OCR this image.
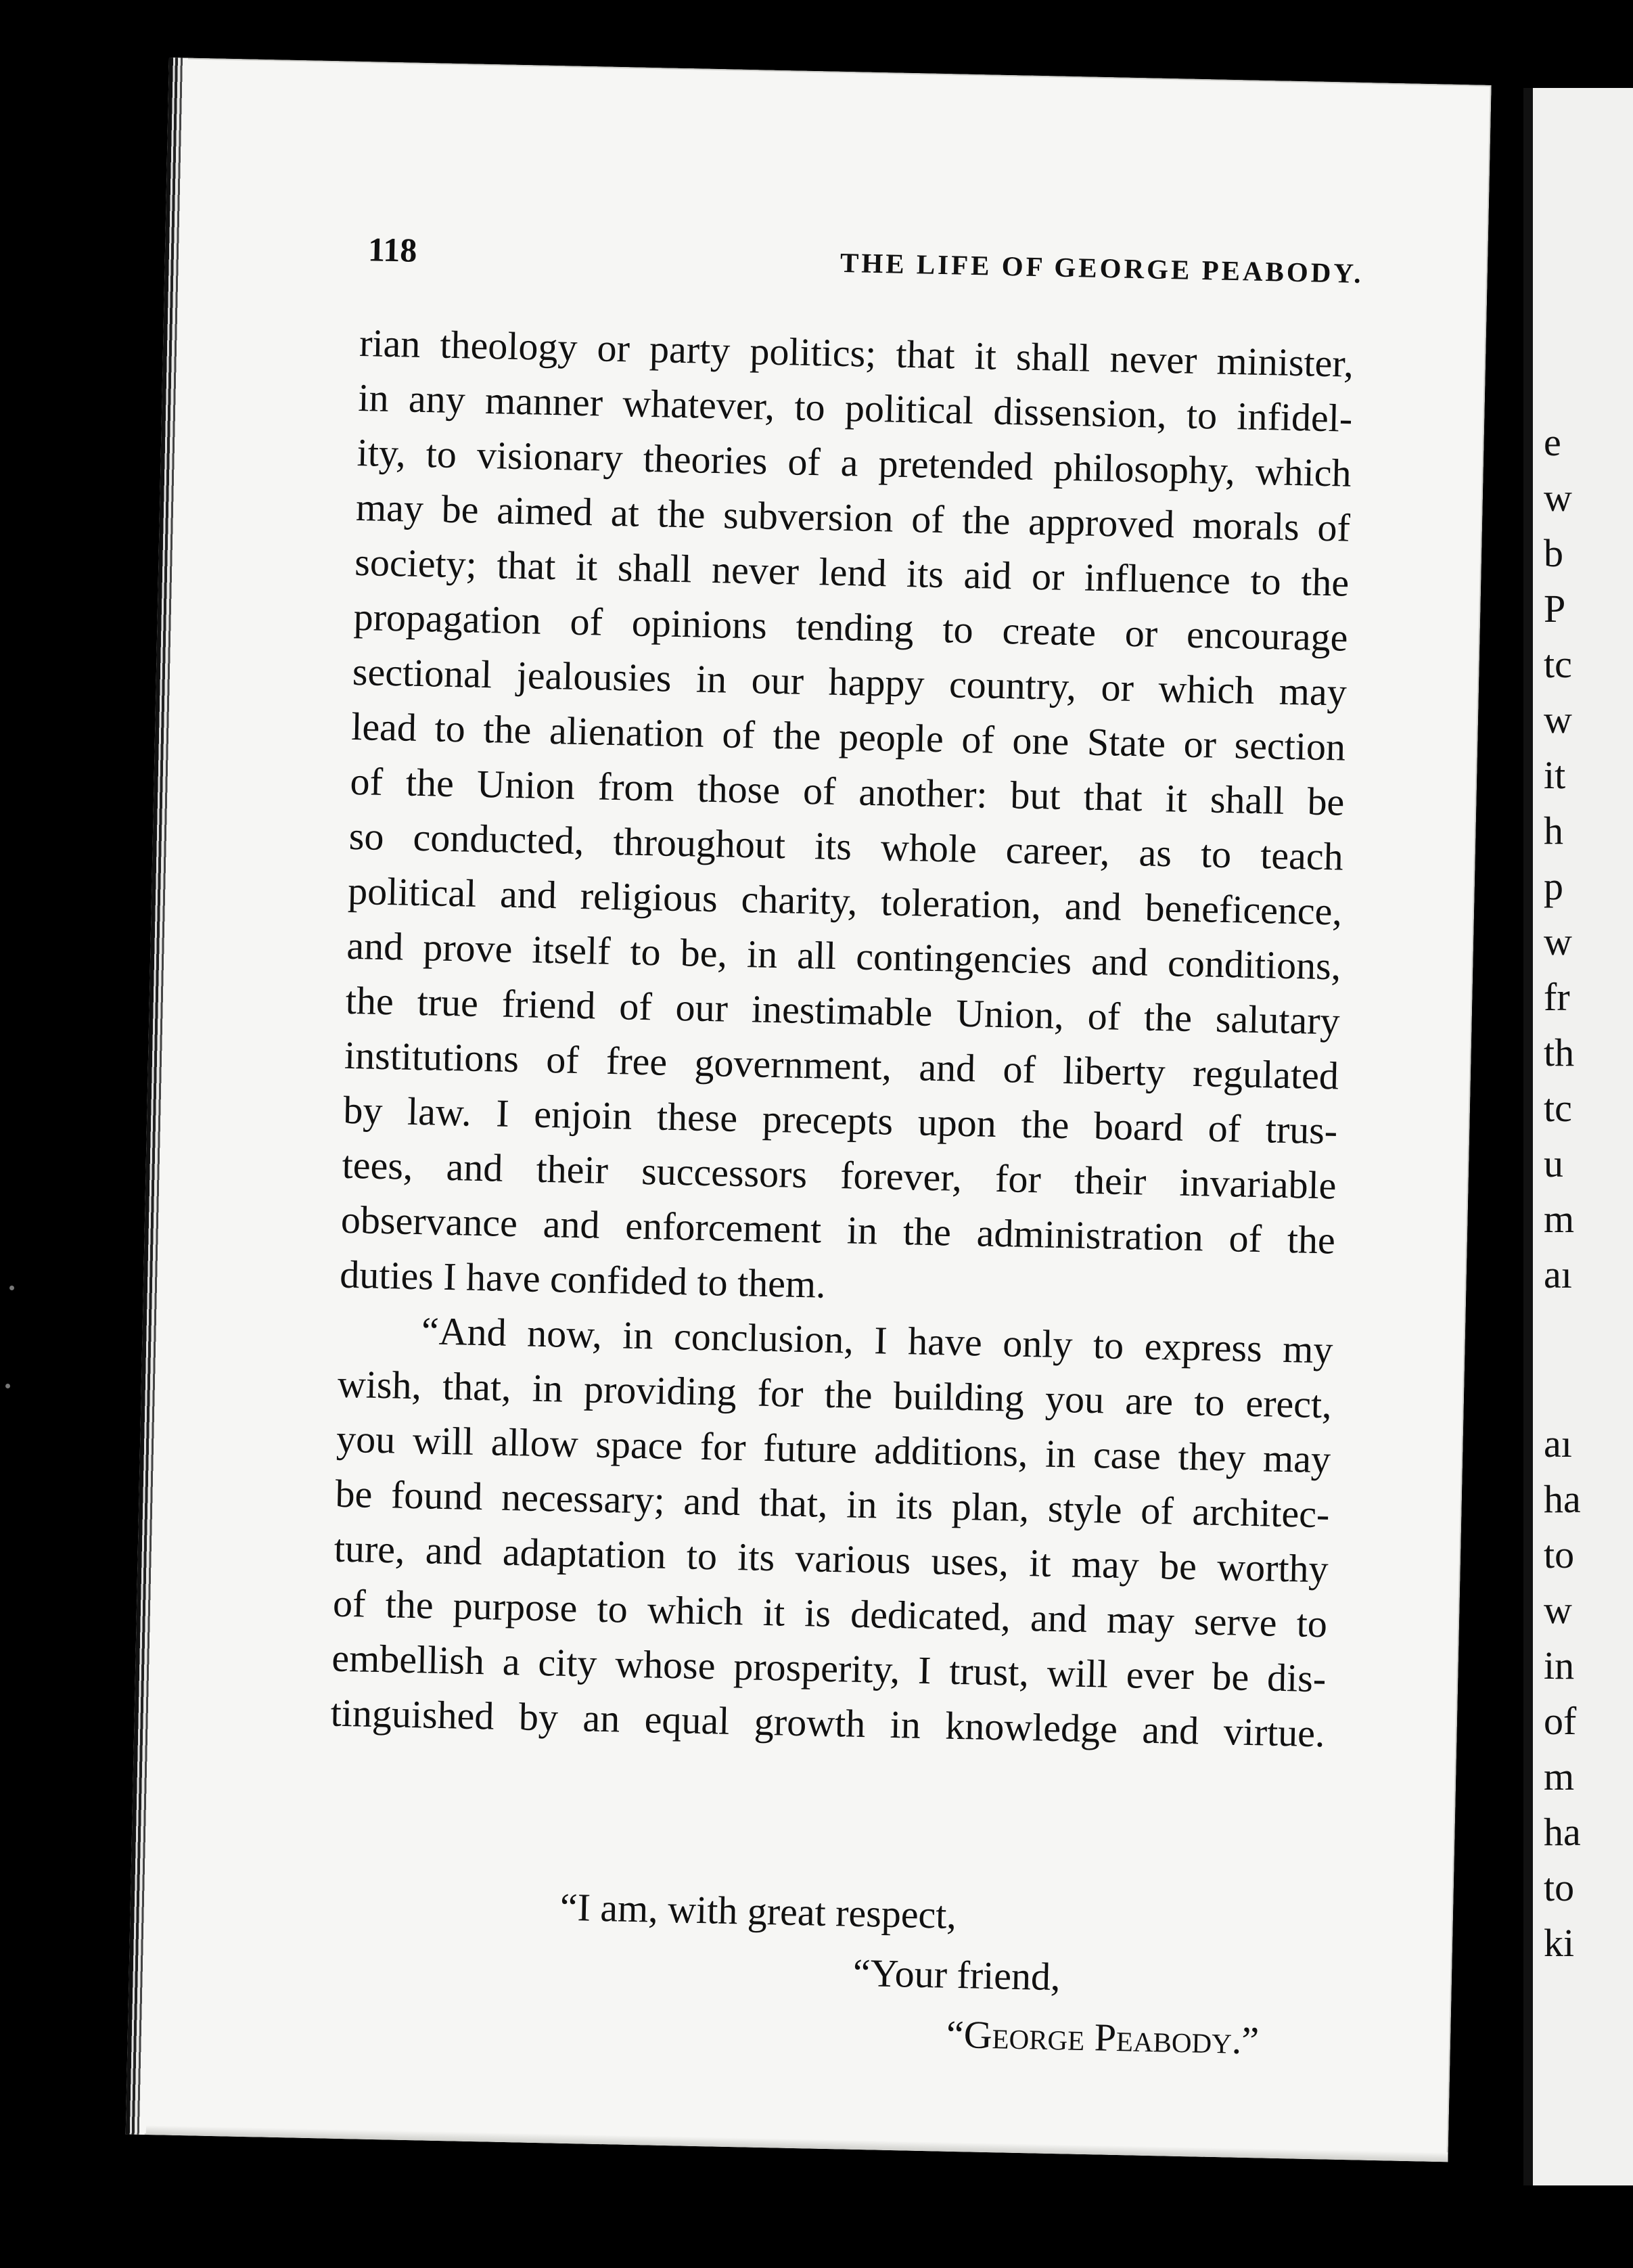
118	THE LIFE OF GEORGE PEABODY.
rian theology or party politics; that it shall never minister,
in any manner whatever, to political dissension, to infidel-
ity, to visionary theories of a pretended philosophy, which
may be aimed at the subversion of the approved morals of
society; that it shall never lend its aid or influence to the
propagation of opinions tending to create or encourage
sectional jealousies in our happy country, or which may
lead to the alienation of the people of one State or section
of the Union from those of another: but that it shall be
so conducted, throughout its whole career, as to teach
political and religious charity, toleration, and beneficence,
and prove itself to be, in all contingencies and conditions,
the true friend of our inestimable Union, of the salutary
institutions of free government, and of liberty regulated
by law. I enjoin these precepts upon the board of trus-
tees, and their successors forever, for their invariable
observance and enforcement in the administration of the
duties I have confided to them.
“And now, in conclusion, I have only to express my
wish, that, in providing for the building you are to erect,
you will allow space for future additions, in case they may
be found necessary; and that, in its plan, style of architec-
ture, and adaptation to its various uses, it may be worthy
of the purpose to which it is dedicated, and may serve to
embellish a city whose prosperity, I trust, will ever be dis-
tinguished by an equal growth in knowledge and virtue.
“I am, with great respect,
“Your friend,
“George Peabody.”
e
w
b
P
tc
w
it
h
p
w
fr
th
tc
u
m
aı
aı
ha
to
w
in
of
m
ha
to
ki
